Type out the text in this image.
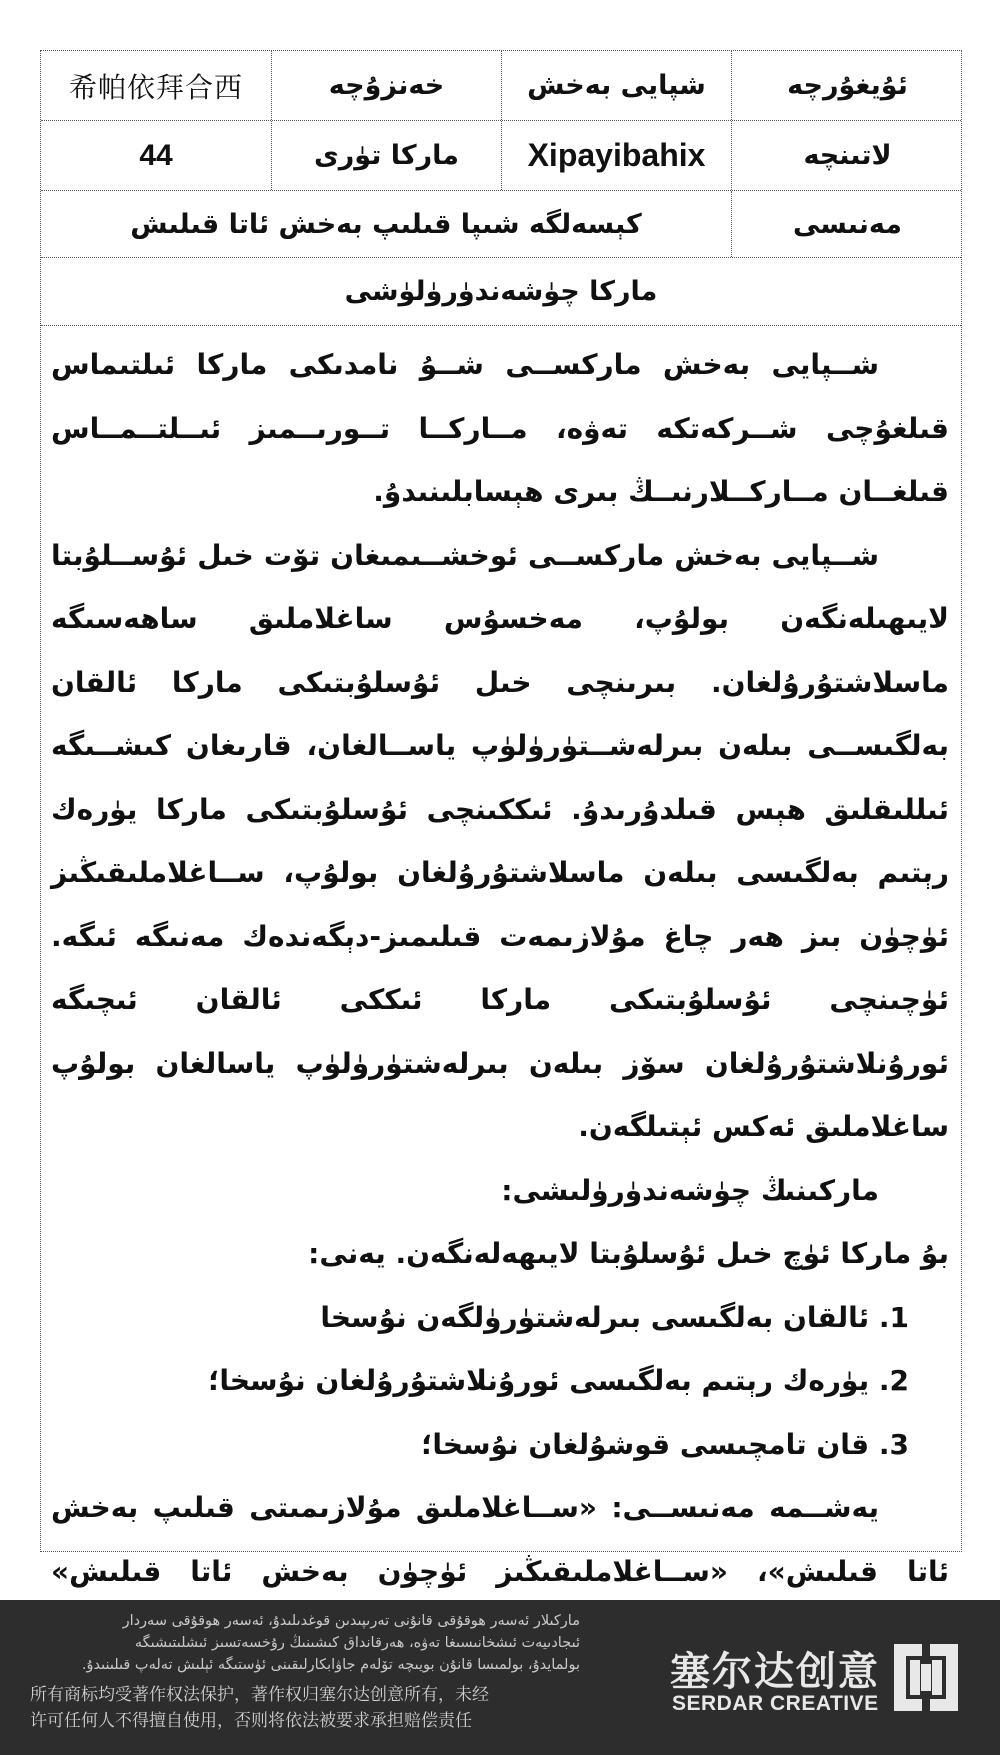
希帕依拜合西	خەنزۇچە	شپايى بەخش	ئۇيغۇرچە
44	ماركا تۈرى	Xipayibahix	لاتىنچە
كېسەلگە شىپا قىلىپ بەخش ئاتا قىلىش	مەنىسى
ماركا چۈشەندۈرۈلۈشى

شــپايى بەخش ماركســى شــۇ نامدىكى ماركا ئىلتىماس قىلغۇچى شــركەتكە تەۋە، مــاركــا تــورىــمىز ئىــلتــمــاس قىلغــان مــاركــلارنىــڭ بىرى ھېسابلىنىدۇ.

شــپايى بەخش ماركســى ئوخشــىمىغان تۆت خىل ئۇســلۇبتا لايىھىلەنگەن بولۇپ، مەخسۇس ساغلاملىق ساھەسىگە ماسلاشتۇرۇلغان. بىرىنچى خىل ئۇسلۇبتىكى ماركا ئالقان بەلگىســى بىلەن بىرلەشــتۈرۈلۈپ ياســالغان، قارىغان كىشــىگە ئىللىقلىق ھېس قىلدۇرىدۇ. ئىككىنچى ئۇسلۇبتىكى ماركا يۈرەك رېتىم بەلگىسى بىلەن ماسلاشتۇرۇلغان بولۇپ، ســاغلاملىقىڭىز ئۈچۈن بىز ھەر چاغ مۇلازىمەت قىلىمىز-دېگەندەك مەنىگە ئىگە. ئۈچىنچى ئۇسلۇبتىكى ماركا ئىككى ئالقان ئىچىگە ئورۇنلاشتۇرۇلغان سۆز بىلەن بىرلەشتۈرۈلۈپ ياسالغان بولۇپ ساغلاملىق ئەكس ئېتىلگەن.

ماركىنىڭ چۈشەندۈرۈلىشى:

بۇ ماركا ئۈچ خىل ئۇسلۇبتا لايىھەلەنگەن. يەنى:

1. ئالقان بەلگىسى بىرلەشتۈرۈلگەن نۇسخا

2. يۈرەك رېتىم بەلگىسى ئورۇنلاشتۇرۇلغان نۇسخا؛

3. قان تامچىسى قوشۇلغان نۇسخا؛

يەشــمە مەنىســى: «ســاغلاملىق مۇلازىمىتى قىلىپ بەخش ئاتا قىلىش»، «ســاغلاملىقىڭىز ئۈچۈن بەخش ئاتا قىلىش»

ماركىلار ئەسەر ھوقۇقى قانۇنى تەرىپىدىن قوغدىلىدۇ، ئەسەر ھوقۇقى سەردار
ئىجادىيەت ئىشخانىسىغا تەۋە، ھەرقانداق كىشىنىڭ رۇخسەتسىز ئىشلىتىشىگە
بولمايدۇ، بولمىسا قانۇن بويىچە تۆلەم جاۋابكارلىقىنى ئۈستىگە ئېلىش تەلەپ قىلىنىدۇ.
所有商标均受著作权法保护，著作权归塞尔达创意所有，未经
许可任何人不得擅自使用，否则将依法被要求承担赔偿责任
塞尔达创意
SERDAR CREATIVE
